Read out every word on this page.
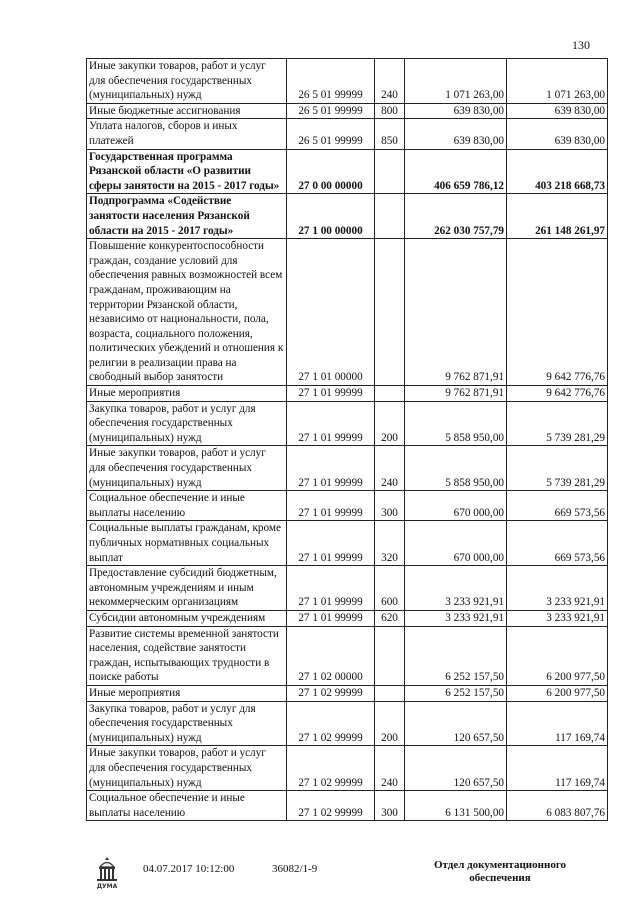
130
Иные закупки товаров, работ и услуг для обеспечения государственных (муниципальных) нужд	26 5 01 99999	240	1 071 263,00	1 071 263,00
Иные бюджетные ассигнования	26 5 01 99999	800	639 830,00	639 830,00
Уплата налогов, сборов и иных платежей	26 5 01 99999	850	639 830,00	639 830,00
Государственная программа Рязанской области «О развитии сферы занятости на 2015 - 2017 годы»	27 0 00 00000		406 659 786,12	403 218 668,73
Подпрограмма «Содействие занятости населения Рязанской области на 2015 - 2017 годы»	27 1 00 00000		262 030 757,79	261 148 261,97
Повышение конкурентоспособности граждан, создание условий для обеспечения равных возможностей всем гражданам, проживающим на территории Рязанской области, независимо от национальности, пола, возраста, социального положения, политических убеждений и отношения к религии в реализации права на свободный выбор занятости	27 1 01 00000		9 762 871,91	9 642 776,76
Иные мероприятия	27 1 01 99999		9 762 871,91	9 642 776,76
Закупка товаров, работ и услуг для обеспечения государственных (муниципальных) нужд	27 1 01 99999	200	5 858 950,00	5 739 281,29
Иные закупки товаров, работ и услуг для обеспечения государственных (муниципальных) нужд	27 1 01 99999	240	5 858 950,00	5 739 281,29
Социальное обеспечение и иные выплаты населению	27 1 01 99999	300	670 000,00	669 573,56
Социальные выплаты гражданам, кроме публичных нормативных социальных выплат	27 1 01 99999	320	670 000,00	669 573,56
Предоставление субсидий бюджетным, автономным учреждениям и иным некоммерческим организациям	27 1 01 99999	600	3 233 921,91	3 233 921,91
Субсидии автономным учреждениям	27 1 01 99999	620	3 233 921,91	3 233 921,91
Развитие системы временной занятости населения, содействие занятости граждан, испытывающих трудности в поиске работы	27 1 02 00000		6 252 157,50	6 200 977,50
Иные мероприятия	27 1 02 99999		6 252 157,50	6 200 977,50
Закупка товаров, работ и услуг для обеспечения государственных (муниципальных) нужд	27 1 02 99999	200	120 657,50	117 169,74
Иные закупки товаров, работ и услуг для обеспечения государственных (муниципальных) нужд	27 1 02 99999	240	120 657,50	117 169,74
Социальное обеспечение и иные выплаты населению	27 1 02 99999	300	6 131 500,00	6 083 807,76
ДУМА
04.07.2017 10:12:00	36082/1-9	Отдел документационного
обеспечения
